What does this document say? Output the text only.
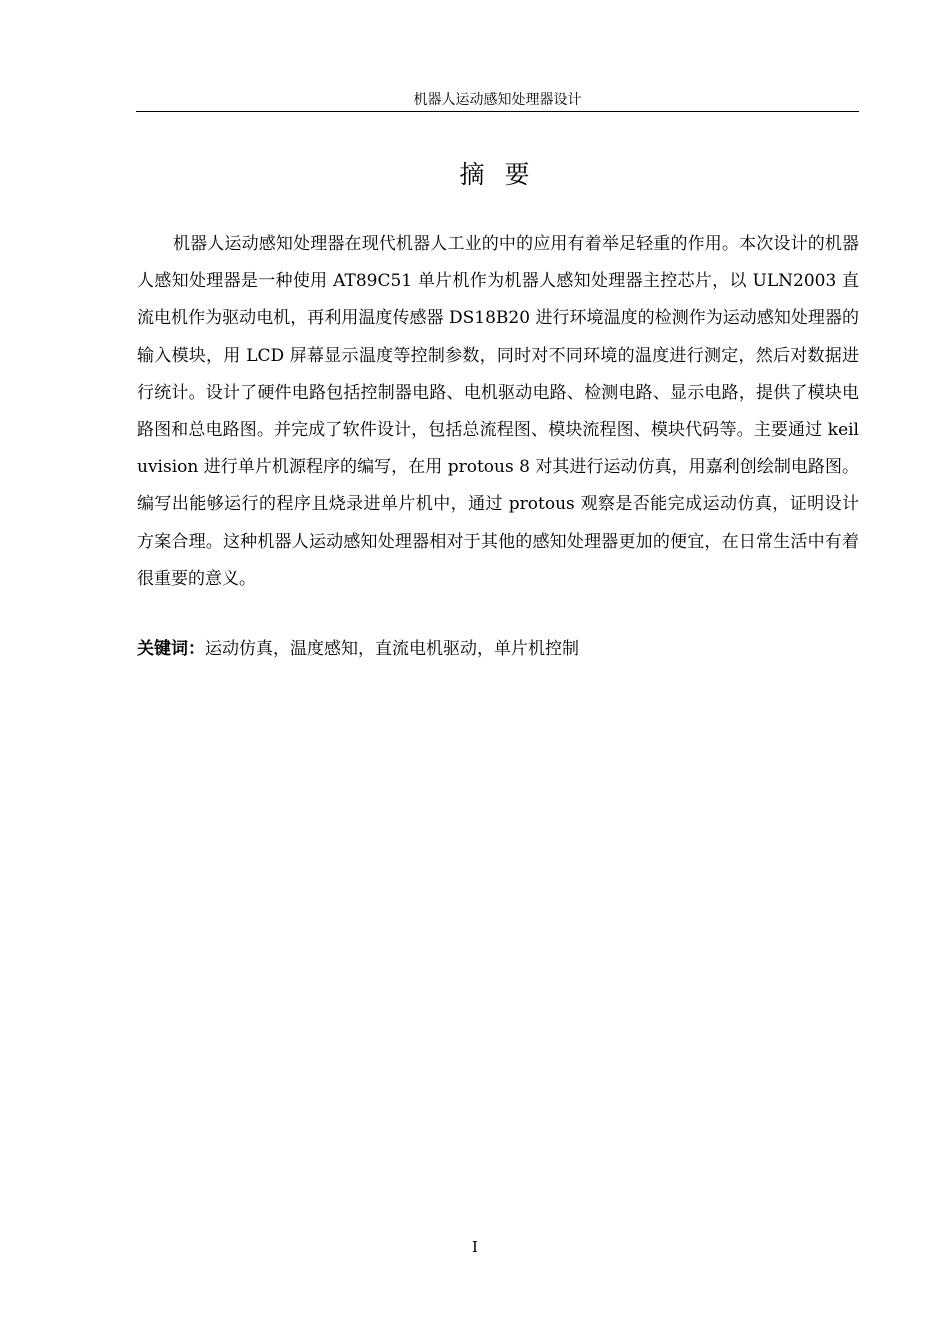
机器人运动感知处理器设计
摘 要

机器人运动感知处理器在现代机器人工业的中的应用有着举足轻重的作用。本次设计的机器人感知处理器是一种使用 AT89C51 单片机作为机器人感知处理器主控芯片，以 ULN2003 直流电机作为驱动电机，再利用温度传感器 DS18B20 进行环境温度的检测作为运动感知处理器的输入模块，用 LCD 屏幕显示温度等控制参数，同时对不同环境的温度进行测定，然后对数据进行统计。设计了硬件电路包括控制器电路、电机驱动电路、检测电路、显示电路，提供了模块电路图和总电路图。并完成了软件设计，包括总流程图、模块流程图、模块代码等。主要通过 keil uvision 进行单片机源程序的编写，在用 protous 8 对其进行运动仿真，用嘉利创绘制电路图。编写出能够运行的程序且烧录进单片机中，通过 protous 观察是否能完成运动仿真，证明设计方案合理。这种机器人运动感知处理器相对于其他的感知处理器更加的便宜，在日常生活中有着很重要的意义。

关键词：运动仿真，温度感知，直流电机驱动，单片机控制
I
